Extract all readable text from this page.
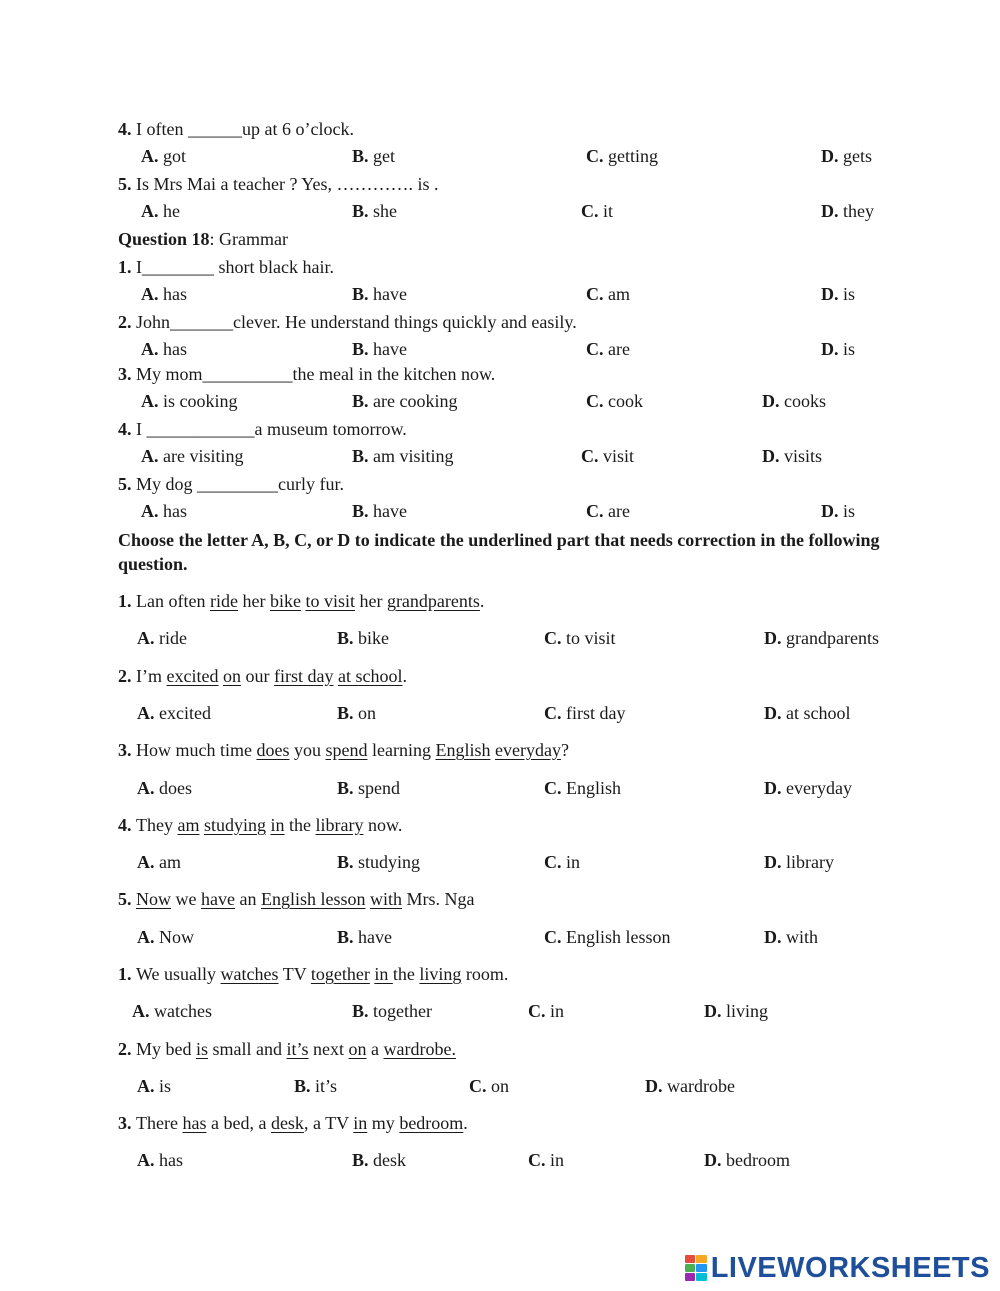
4. I often ______up at 6 o’clock.
A. got	B. get	C. getting	D. gets
5. Is Mrs Mai a teacher ? Yes, …………. is .
A. he	B. she	C. it	D. they
1. I________ short black hair.
A. has	B. have	C. am	D. is
2. John_______clever. He understand things quickly and easily.
A. has	B. have	C. are	D. is
3. My mom__________the meal in the kitchen now.
A. is cooking	B. are cooking	C. cook	D. cooks
4. I ____________a museum tomorrow.
A. are visiting	B. am visiting	C. visit	D. visits
5. My dog _________curly fur.
A. has	B. have	C. are	D. is
1. Lan often ride her bike to visit her grandparents.
A. ride	B. bike	C. to visit	D. grandparents
2. I’m excited on our first day at school.
A. excited	B. on	C. first day	D. at school
3. How much time does you spend learning English everyday?
A. does	B. spend	C. English	D. everyday
4. They am studying in the library now.
A. am	B. studying	C. in	D. library
5. Now we have an English lesson with Mrs. Nga
A. Now	B. have	C. English lesson	D. with
1. We usually watches TV together in the living room.
A. watches	B. together	C. in	D. living
2. My bed is small and it’s next on a wardrobe.
A. is	B. it’s	C. on	D. wardrobe
3. There has a bed, a desk, a TV in my bedroom.
A. has	B. desk	C. in	D. bedroom
Question 18: Grammar
Choose the letter A, B, C, or D to indicate the underlined part that needs correction in the following question.
LIVEWORKSHEETS
